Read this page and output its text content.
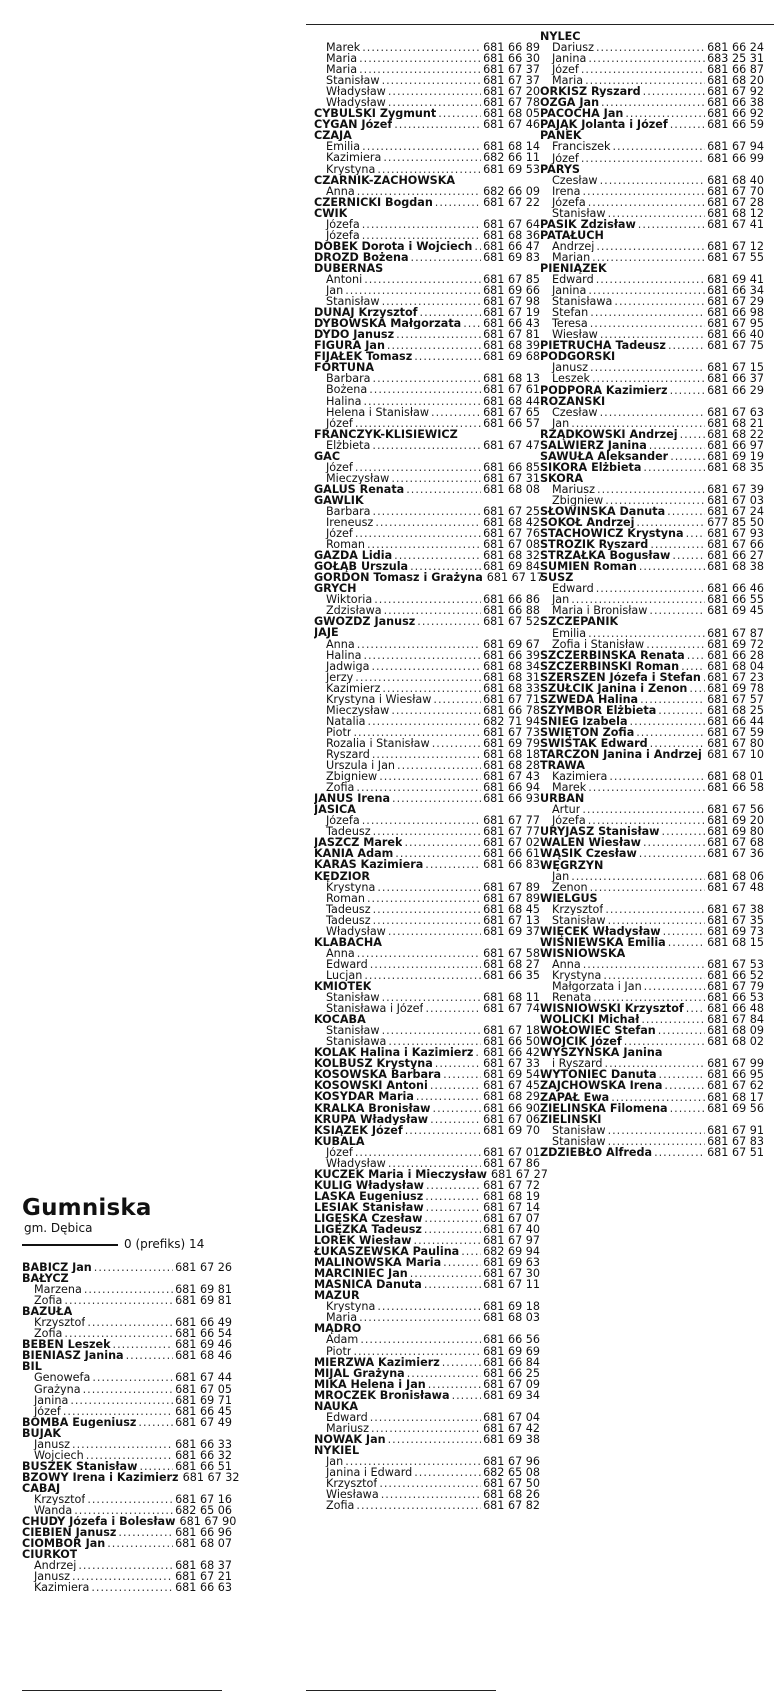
Gumniska
gm. Dębica
0 (prefiks) 14
BABICZ Jan .....	681 67 26
BAŁYCZ
Marzena .....	681 69 81
Zofia .....	681 69 81
BAZUŁA
Krzysztof .....	681 66 49
Zofia .....	681 66 54
BEBEN Leszek .....	681 69 46
BIENIASZ Janina .....	681 68 46
BIL
Genowefa .....	681 67 44
Grażyna .....	681 67 05
Janina .....	681 69 71
Józef .....	681 66 45
BOMBA Eugeniusz .....	681 67 49
BUJAK
Janusz .....	681 66 33
Wojciech .....	681 66 32
BUSZEK Stanisław .....	681 66 51
BZOWY Irena i Kazimierz 681 67 32
CABAJ
Krzysztof .....	681 67 16
Wanda .....	682 65 06
CHUDY Józefa i Bolesław 681 67 90
CIEBIEŃ Janusz .....	681 66 96
CIOMBOR Jan .....	681 68 07
CIURKOT
Andrzej .....	681 68 37
Janusz .....	681 67 21
Kazimiera .....	681 66 63
Marek .....	681 66 89
Maria .....	681 66 30
Maria .....	681 67 37
Stanisław .....	681 67 37
Władysław .....	681 67 20
Władysław .....	681 67 78
CYBULSKI Zygmunt .....	681 68 05
CYGAN Józef .....	681 67 46
CZAJA
Emilia .....	681 68 14
Kazimiera .....	682 66 11
Krystyna .....	681 69 53
CZARNIK-ŻACHOWSKA
Anna .....	682 66 09
CZERNICKI Bogdan .....	681 67 22
ĆWIK
Józefa .....	681 67 64
Józefa .....	681 68 36
DOBEK Dorota i Wojciech ..... 681 66 47
DROZD Bożena .....	681 69 83
DUBERNAS
Antoni .....	681 67 85
Jan .....	681 69 66
Stanisław .....	681 67 98
DUNAJ Krzysztof .....	681 67 19
DYBOWSKA Małgorzata ..... 681 66 43
DYDO Janusz .....	681 67 81
FIGURA Jan .....	681 68 39
FIJAŁEK Tomasz .....	681 69 68
FORTUNA
Barbara .....	681 68 13
Bożena .....	681 67 61
Halina .....	681 68 44
Helena i Stanisław .....	681 67 65
Józef .....	681 66 57
FRANCZYK-KLISIEWICZ
Elżbieta .....	681 67 47
GAC
Józef .....	681 66 85
Mieczysław .....	681 67 31
GALUS Renata .....	681 68 08
GAWLIK
Barbara .....	681 67 25
Ireneusz .....	681 68 42
Józef .....	681 67 76
Roman .....	681 67 08
GAZDA Lidia .....	681 68 32
GOŁĄB Urszula .....	681 69 84
GORDON Tomasz i Grażyna 681 67 17
GRYCH
Wiktoria .....	681 66 86
Zdzisława .....	681 66 88
GWÓŹDŹ Janusz .....	681 67 52
JAJE
Anna .....	681 69 67
Halina .....	681 66 39
Jadwiga .....	681 68 34
Jerzy .....	681 68 31
Kazimierz .....	681 68 33
Krystyna i Wiesław .....	681 67 71
Mieczysław .....	681 66 78
Natalia .....	682 71 94
Piotr .....	681 67 73
Rozalia i Stanisław .....	681 69 79
Ryszard .....	681 68 18
Urszula i Jan .....	681 68 28
Zbigniew .....	681 67 43
Zofia .....	681 66 94
JANUŚ Irena .....	681 66 93
JASICA
Józefa .....	681 67 77
Tadeusz .....	681 67 77
JASZCZ Marek .....	681 67 02
KANIA Adam .....	681 66 61
KARAŚ Kazimiera .....	681 66 83
KĘDZIOR
Krystyna .....	681 67 89
Roman .....	681 67 89
Tadeusz .....	681 68 45
Tadeusz .....	681 67 13
Władysław .....	681 69 37
KLABACHA
Anna .....	681 67 58
Edward .....	681 68 27
Lucjan .....	681 66 35
KMIOTEK
Stanisław .....	681 68 11
Stanisława i Józef .....	681 67 74
KOCABA
Stanisław .....	681 67 18
Stanisława .....	681 66 50
KOLAK Halina i Kazimierz ..... 681 66 42
KOLBUSZ Krystyna .....	681 67 33
KOSOWSKA Barbara .....	681 69 54
KOSOWSKI Antoni .....	681 67 45
KOSYDAR Maria .....	681 68 29
KRALKA Bronisław .....	681 66 90
KRUPA Władysław .....	681 67 06
KSIĄŻEK Józef .....	681 69 70
KUBALA
Józef .....	681 67 01
Władysław .....	681 67 86
KUCZEK Maria i Mieczysław 681 67 27
KULIG Władysław .....	681 67 72
LASKA Eugeniusz .....	681 68 19
LESIAK Stanisław .....	681 67 14
LIGĘSKA Czesław .....	681 67 07
LIGĘZKA Tadeusz .....	681 67 40
LOREK Wiesław .....	681 67 97
ŁUKASZEWSKA Paulina ..... 682 69 94
MALINOWSKA Maria .....	681 69 63
MARCINIEC Jan .....	681 67 30
MAŚNICA Danuta .....	681 67 11
MAZUR
Krystyna .....	681 69 18
Maria .....	681 68 03
MĄDRO
Adam .....	681 66 56
Piotr .....	681 69 69
MIERZWA Kazimierz .....	681 66 84
MIJAL Grażyna .....	681 66 25
MIKA Helena i Jan .....	681 67 09
MROCZEK Bronisława .....	681 69 34
NAUKA
Edward .....	681 67 04
Mariusz .....	681 67 42
NOWAK Jan .....	681 69 38
NYKIEL
Jan .....	681 67 96
Janina i Edward .....	682 65 08
Krzysztof .....	681 67 50
Wiesława .....	681 68 26
Zofia .....	681 67 82
NYLEC
Dariusz .....	681 66 24
Janina .....	683 25 31
Józef .....	681 66 87
Maria .....	681 68 20
ORKISZ Ryszard .....	681 67 92
OZGA Jan .....	681 66 38
PACOCHA Jan .....	681 66 92
PAJĄK Jolanta i Józef .....	681 66 59
PANEK
Franciszek .....	681 67 94
Józef .....	681 66 99
PARYS
Czesław .....	681 68 40
Irena .....	681 67 70
Józefa .....	681 67 28
Stanisław .....	681 68 12
PASIK Zdzisław .....	681 67 41
PATAŁUCH
Andrzej .....	681 67 12
Marian .....	681 67 55
PIENIĄŻEK
Edward .....	681 69 41
Janina .....	681 66 34
Stanisława .....	681 67 29
Stefan .....	681 66 98
Teresa .....	681 67 95
Wiesław .....	681 66 40
PIETRUCHA Tadeusz .....	681 67 75
PODGÓRSKI
Janusz .....	681 67 15
Leszek .....	681 66 37
PODPORA Kazimierz .....	681 66 29
RÓŻAŃSKI
Czesław .....	681 67 63
Jan .....	681 68 21
RZĄDKOWSKI Andrzej .....	681 68 22
SALWIERZ Janina .....	681 66 97
SAWUŁA Aleksander .....	681 69 19
SIKORA Elżbieta .....	681 68 35
SKÓRA
Mariusz .....	681 67 39
Zbigniew .....	681 67 03
SŁOWIŃSKA Danuta .....	681 67 24
SOKÓŁ Andrzej .....	677 85 50
STACHOWICZ Krystyna ..... 681 67 93
STRÓZIK Ryszard .....	681 67 66
STRZAŁKA Bogusław .....	681 66 27
SUMIEŃ Roman .....	681 68 38
SUSZ
Edward .....	681 66 46
Jan .....	681 66 55
Maria i Bronisław .....	681 69 45
SZCZEPANIK
Emilia .....	681 67 87
Zofia i Stanisław .....	681 69 72
SZCZERBIŃSKA Renata ..... 681 66 28
SZCZERBIŃSKI Roman .....	681 68 04
SZERSZEŃ Józefa i Stefan ..... 681 67 23
SZUŁCIK Janina i Zenon ..... 681 69 78
SZWEDA Halina .....	681 67 57
SZYMBOR Elżbieta .....	681 68 25
ŚNIEG Izabela .....	681 66 44
ŚWIĘTOŃ Zofia .....	681 67 59
ŚWISTAK Edward .....	681 67 80
TARCZOŃ Janina i Andrzej ..... 681 67 10
TRAWA
Kazimiera .....	681 68 01
Marek .....	681 66 58
URBAN
Artur .....	681 67 56
Józefa .....	681 69 20
URYJASZ Stanisław .....	681 69 80
WALEŃ Wiesław .....	681 67 68
WĄSIK Czesław .....	681 67 36
WĘGRZYN
Jan .....	681 68 06
Zenon .....	681 67 48
WIELGUS
Krzysztof .....	681 67 38
Stanisław .....	681 67 35
WIĘCEK Władysław .....	681 69 73
WIŚNIEWSKA Emilia .....	681 68 15
WIŚNIOWSKA
Anna .....	681 67 53
Krystyna .....	681 66 52
Małgorzata i Jan .....	681 67 79
Renata .....	681 66 53
WIŚNIOWSKI Krzysztof ..... 681 66 48
WOLICKI Michał .....	681 67 84
WOŁOWIEC Stefan .....	681 68 09
WÓJCIK Józef .....	681 68 02
WYSZYŃSKA Janina
i Ryszard .....	681 67 99
WYTONIEC Danuta .....	681 66 95
ZAJCHOWSKA Irena .....	681 67 62
ZAPAŁ Ewa .....	681 68 17
ZIELIŃSKA Filomena .....	681 69 56
ZIELIŃSKI
Stanisław .....	681 67 91
Stanisław .....	681 67 83
ŻDZIEBŁO Alfreda .....	681 67 51
